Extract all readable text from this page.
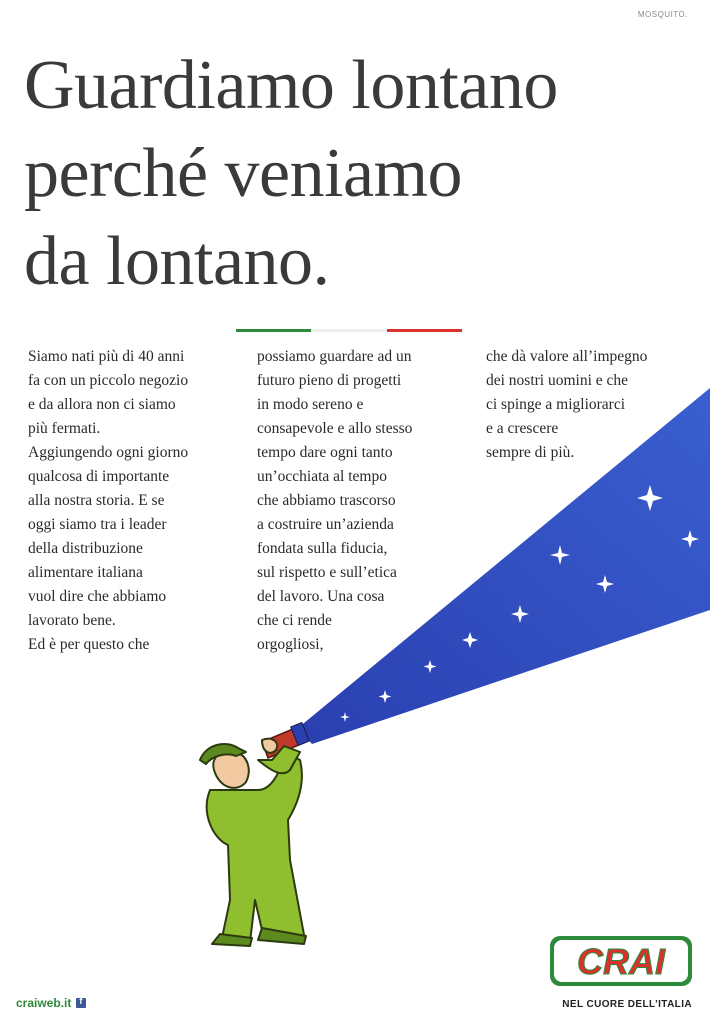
MOSQUITO.
Guardiamo lontano
perché veniamo
da lontano.
Siamo nati più di 40 anni
fa con un piccolo negozio
e da allora non ci siamo
più fermati.
Aggiungendo ogni giorno
qualcosa di importante
alla nostra storia. E se
oggi siamo tra i leader
della distribuzione
alimentare italiana
vuol dire che abbiamo
lavorato bene.
Ed è per questo che
possiamo guardare ad un
futuro pieno di progetti
in modo sereno e
consapevole e allo stesso
tempo dare ogni tanto
un’occhiata al tempo
che abbiamo trascorso
a costruire un’azienda
fondata sulla fiducia,
sul rispetto e sull’etica
del lavoro. Una cosa
che ci rende
orgogliosi,
che dà valore all’impegno
dei nostri uomini e che
ci spinge a migliorarci
e a crescere
sempre di più.
craiweb.it
f
CRAI
NEL CUORE DELL’ITALIA
